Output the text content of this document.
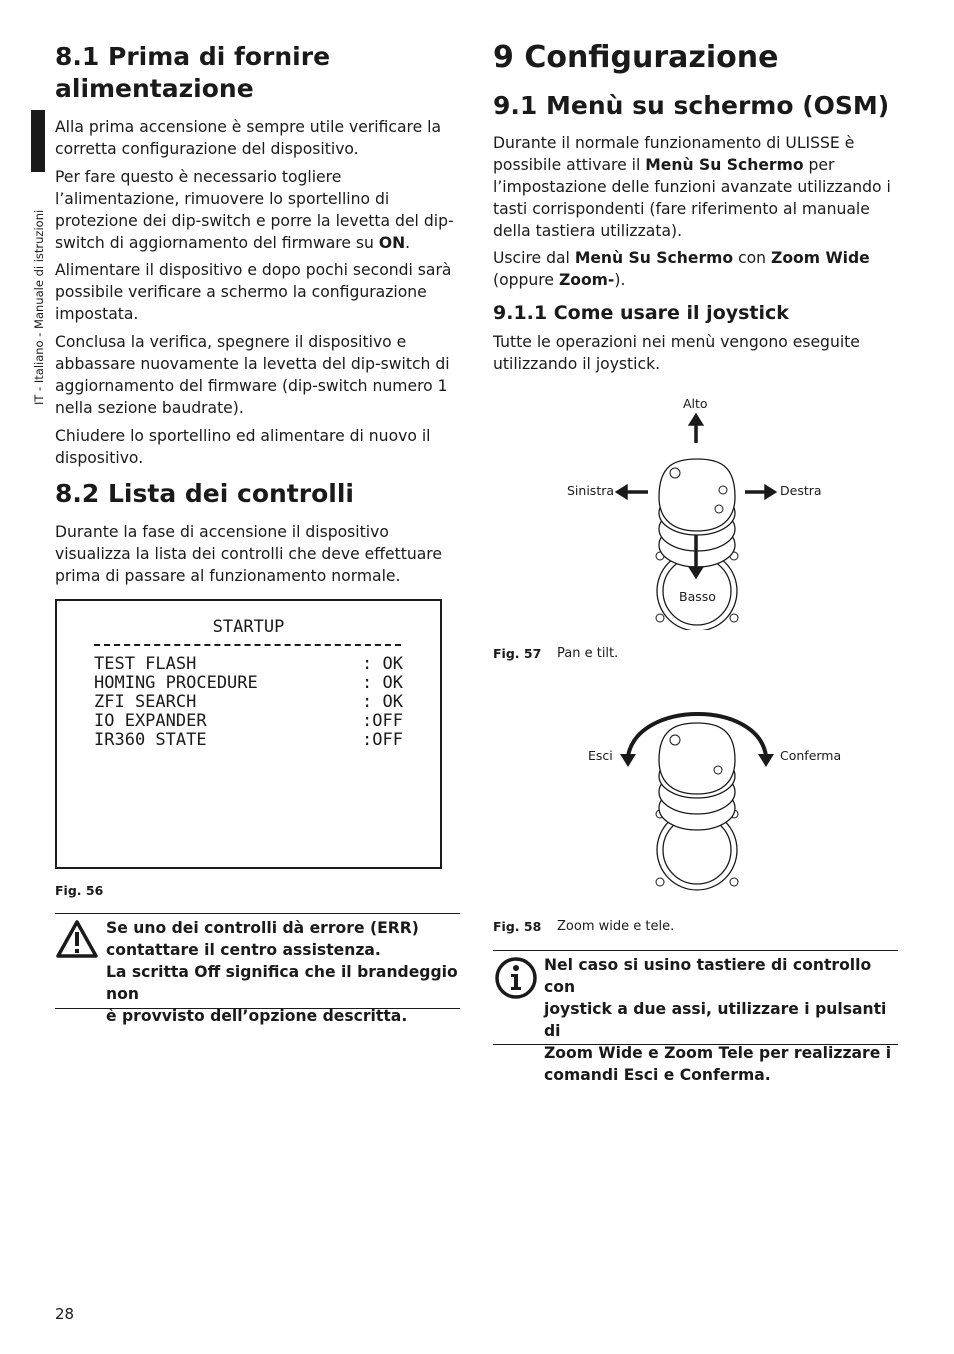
IT - Italiano - Manuale di istruzioni
8.1 Prima di fornire alimentazione

Alla prima accensione è sempre utile verificare la corretta configurazione del dispositivo.

Per fare questo è necessario togliere l’alimentazione, rimuovere lo sportellino di protezione dei dip-switch e porre la levetta del dip-switch di aggiornamento del firmware su ON.

Alimentare il dispositivo e dopo pochi secondi sarà possibile verificare a schermo la configurazione impostata.

Conclusa la verifica, spegnere il dispositivo e abbassare nuovamente la levetta del dip-switch di aggiornamento del firmware (dip-switch numero 1 nella sezione baudrate).

Chiudere lo sportellino ed alimentare di nuovo il dispositivo.

8.2 Lista dei controlli

Durante la fase di accensione il dispositivo visualizza la lista dei controlli che deve effettuare prima di passare al funzionamento normale.

STARTUP
TEST FLASH	: OK
HOMING PROCEDURE	: OK
ZFI SEARCH	: OK
IO EXPANDER	:OFF
IR360 STATE	:OFF
Fig. 56
Se uno dei controlli dà errore (ERR)
contattare il centro assistenza.
La scritta Off significa che il brandeggio non
è provvisto dell’opzione descritta.
9 Configurazione
9.1 Menù su schermo (OSM)

Durante il normale funzionamento di ULISSE è possibile attivare il Menù Su Schermo per l’impostazione delle funzioni avanzate utilizzando i tasti corrispondenti (fare riferimento al manuale della tastiera utilizzata).

Uscire dal Menù Su Schermo con Zoom Wide
(oppure Zoom-).

9.1.1 Come usare il joystick

Tutte le operazioni nei menù vengono eseguite utilizzando il joystick.

Alto
Sinistra	Destra
Basso
Fig. 57 Pan e tilt.
Esci	Conferma
Fig. 58 Zoom wide e tele.
Nel caso si usino tastiere di controllo con
joystick a due assi, utilizzare i pulsanti di
Zoom Wide e Zoom Tele per realizzare i
comandi Esci e Conferma.
28
